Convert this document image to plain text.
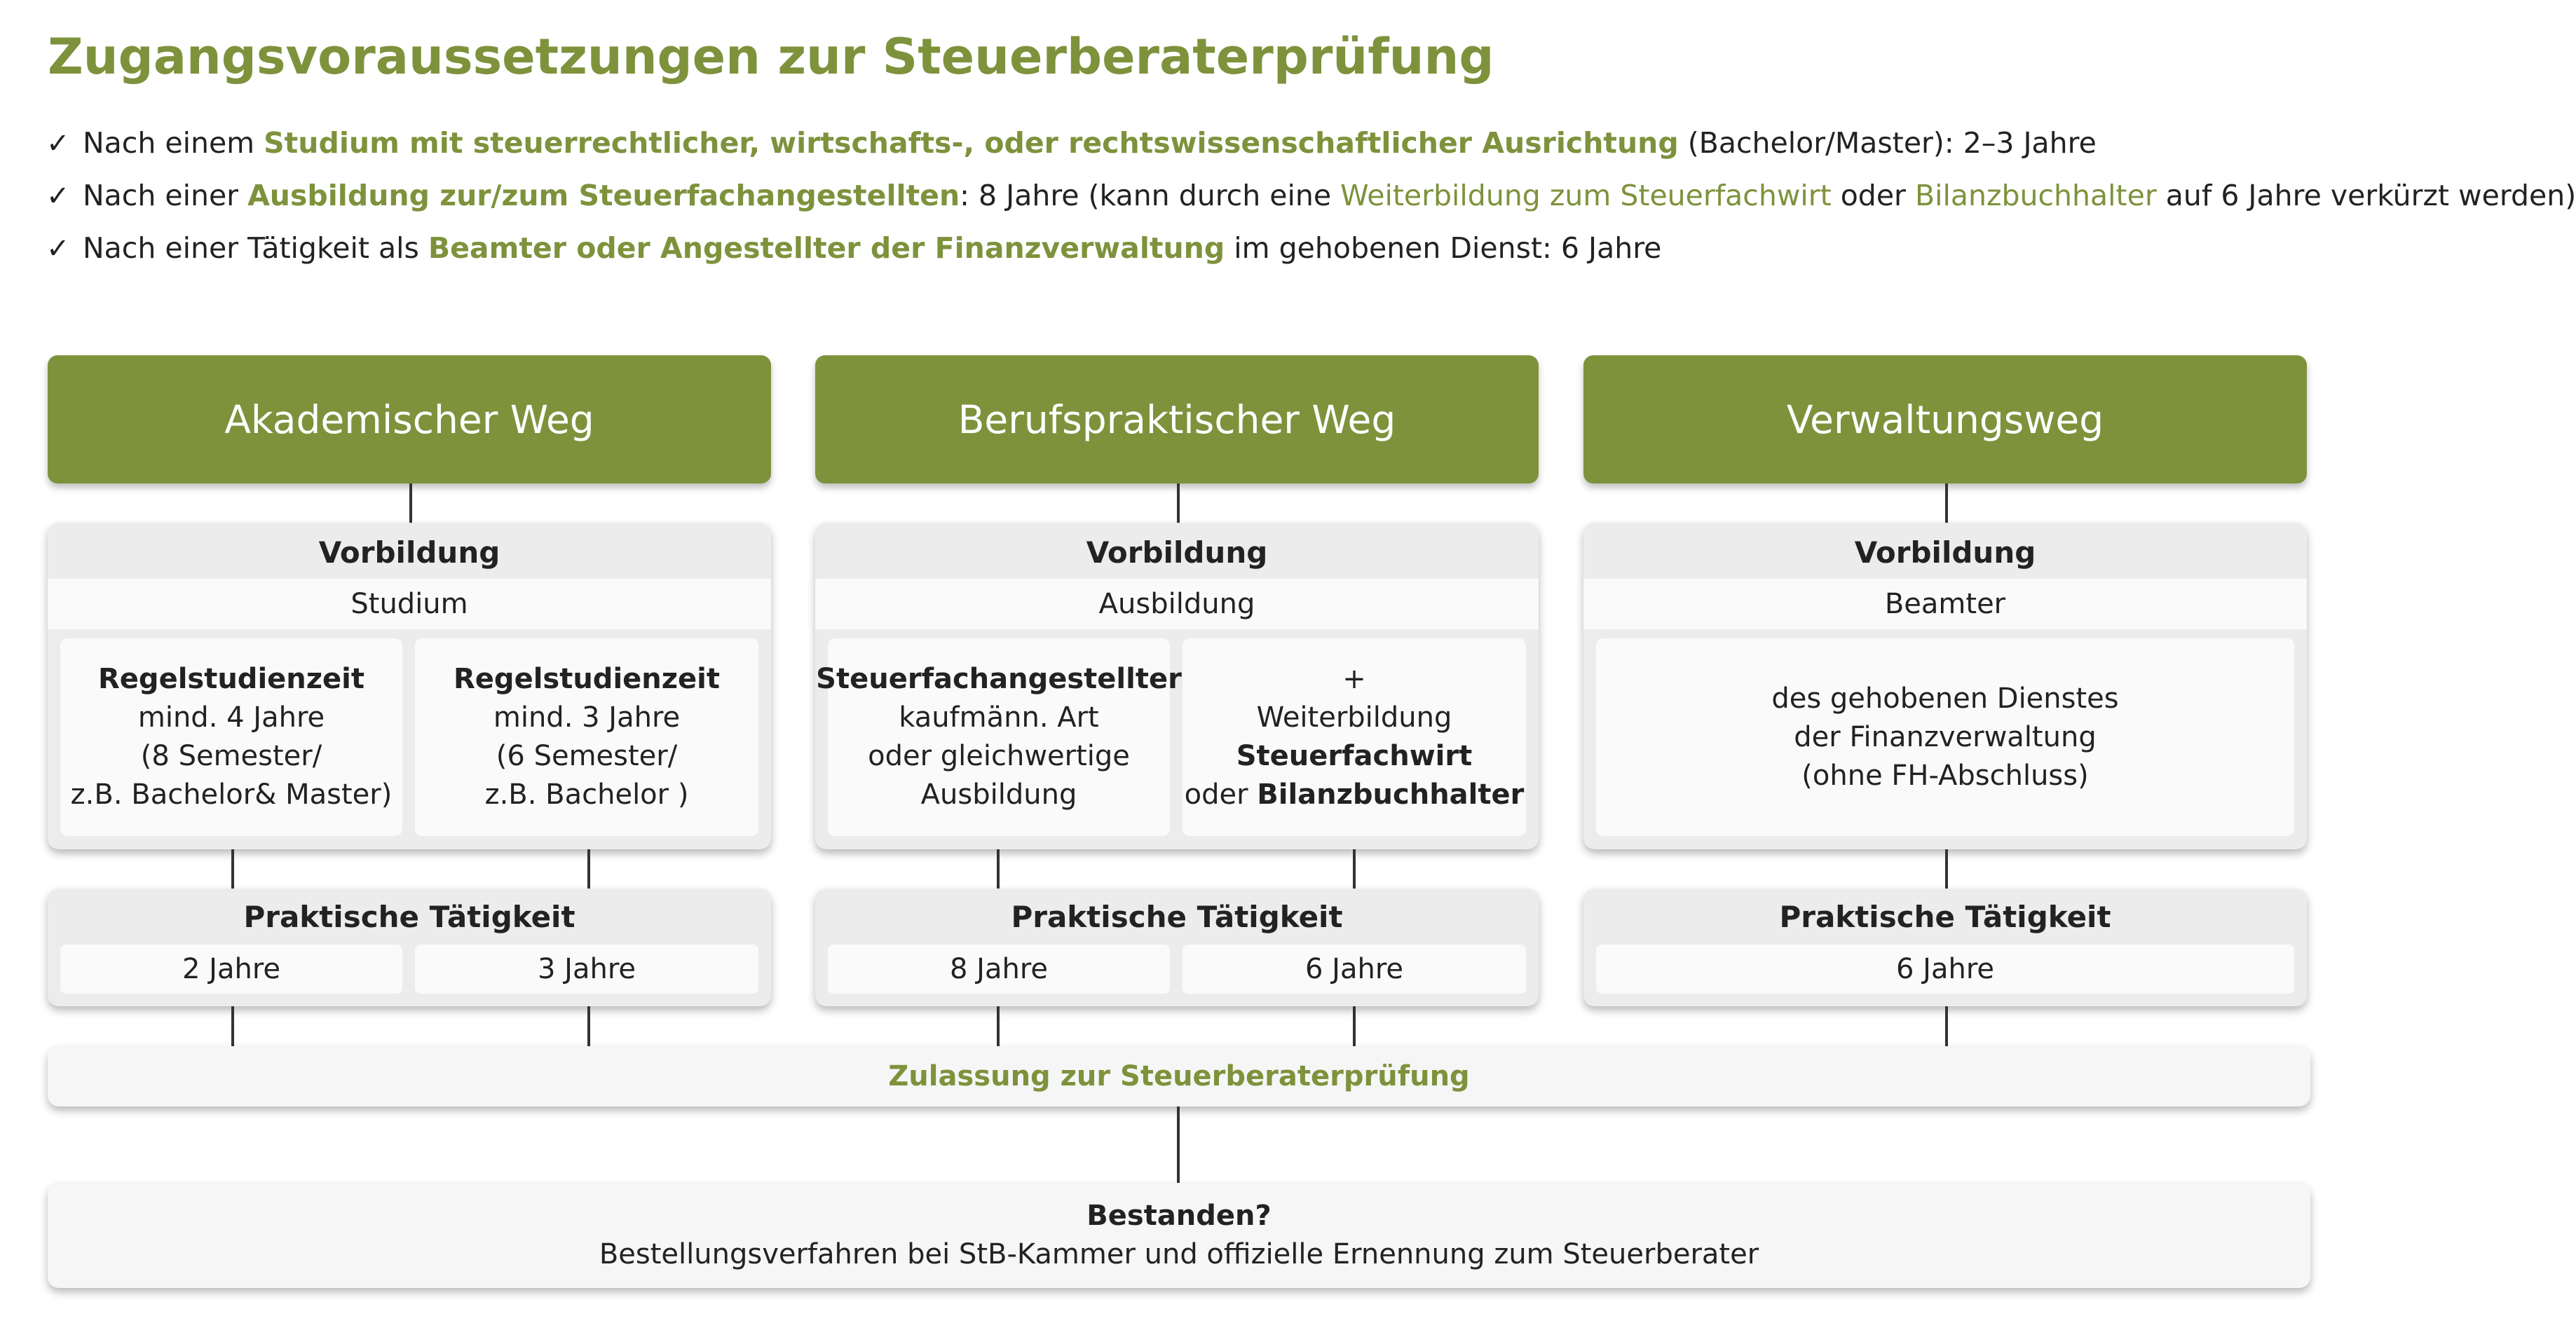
Zugangsvoraussetzungen zur Steuerberaterprüfung
✓ Nach einem Studium mit steuerrechtlicher, wirtschafts-, oder rechtswissenschaftlicher Ausrichtung (Bachelor/Master): 2–3 Jahre
✓ Nach einer Ausbildung zur/zum Steuerfachangestellten: 8 Jahre (kann durch eine Weiterbildung zum Steuerfachwirt oder Bilanzbuchhalter auf 6 Jahre verkürzt werden)
✓ Nach einer Tätigkeit als Beamter oder Angestellter der Finanzverwaltung im gehobenen Dienst: 6 Jahre
Akademischer Weg	Berufspraktischer Weg	Verwaltungsweg
Vorbildung
Studium
Regelstudienzeit
mind. 4 Jahre
(8 Semester/
z.B. Bachelor& Master)
Regelstudienzeit
mind. 3 Jahre
(6 Semester/
z.B. Bachelor )
Vorbildung
Ausbildung
Steuerfachangestellter
kaufmänn. Art
oder gleichwertige
Ausbildung
+
Weiterbildung
Steuerfachwirt
oder Bilanzbuchhalter
Vorbildung
Beamter
des gehobenen Dienstes
der Finanzverwaltung
(ohne FH-Abschluss)
Praktische Tätigkeit
2 Jahre	3 Jahre
Praktische Tätigkeit
8 Jahre	6 Jahre
Praktische Tätigkeit
6 Jahre
Zulassung zur Steuerberaterprüfung
Bestanden?
Bestellungsverfahren bei StB-Kammer und offizielle Ernennung zum Steuerberater
